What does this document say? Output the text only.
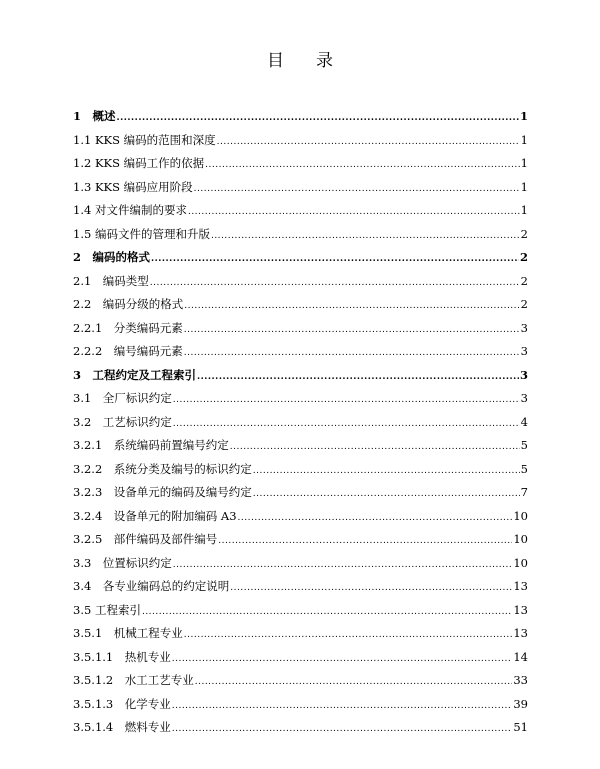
目录
1　概述 .....	1
1.1 KKS 编码的范围和深度 .....	1
1.2 KKS 编码工作的依据 .....	1
1.3 KKS 编码应用阶段 .....	1
1.4 对文件编制的要求 .....	1
1.5 编码文件的管理和升版 .....	2
2　编码的格式 .....	2
2.1　编码类型 .....	2
2.2　编码分级的格式 .....	2
2.2.1　分类编码元素 .....	3
2.2.2　编号编码元素 .....	3
3　工程约定及工程索引 .....	3
3.1　全厂标识约定 .....	3
3.2　工艺标识约定 .....	4
3.2.1　系统编码前置编号约定 .....	5
3.2.2　系统分类及编号的标识约定 .....	5
3.2.3　设备单元的编码及编号约定 .....	7
3.2.4　设备单元的附加编码 A3 .....	10
3.2.5　部件编码及部件编号 .....	10
3.3　位置标识约定 .....	10
3.4　各专业编码总的约定说明 .....	13
3.5 工程索引 .....	13
3.5.1　机械工程专业 .....	13
3.5.1.1　热机专业 .....	14
3.5.1.2　水工工艺专业 .....	33
3.5.1.3　化学专业 .....	39
3.5.1.4　燃料专业 .....	51
